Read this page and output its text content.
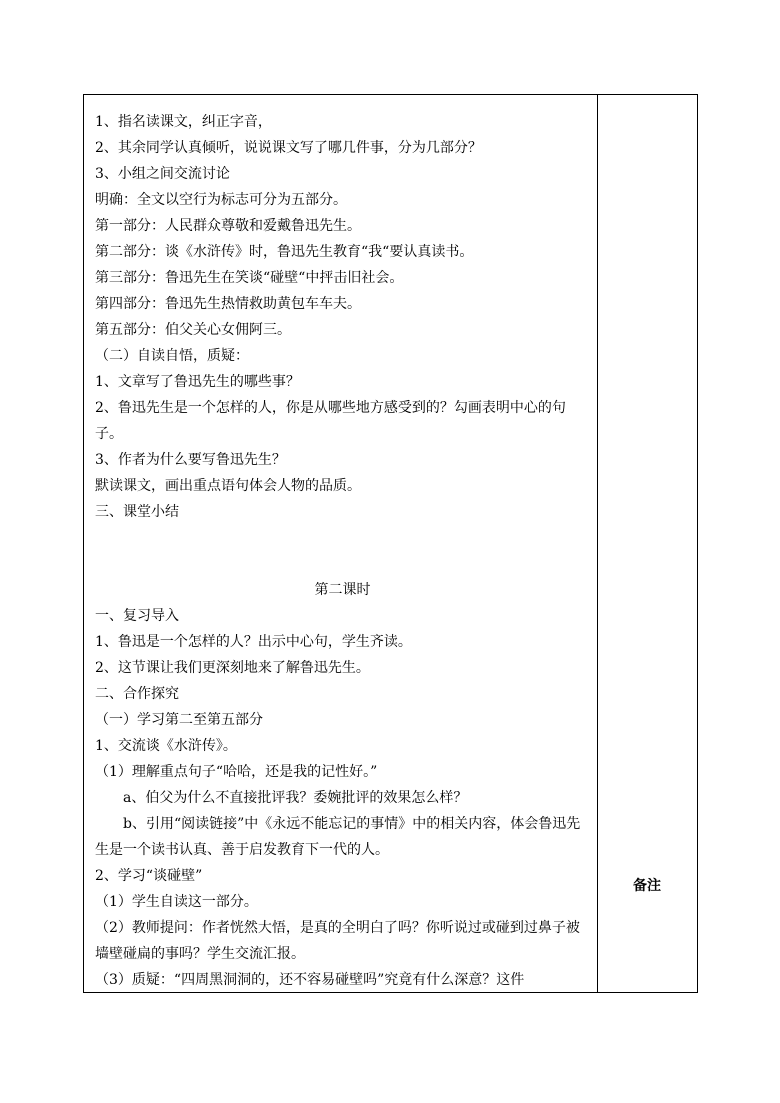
1、指名读课文，纠正字音，
2、其余同学认真倾听，说说课文写了哪几件事，分为几部分？
3、小组之间交流讨论
明确：全文以空行为标志可分为五部分。
第一部分：人民群众尊敬和爱戴鲁迅先生。
第二部分：谈《水浒传》时，鲁迅先生教育“我“要认真读书。
第三部分：鲁迅先生在笑谈“碰壁“中抨击旧社会。
第四部分：鲁迅先生热情救助黄包车车夫。
第五部分：伯父关心女佣阿三。
（二）自读自悟，质疑：
1、文章写了鲁迅先生的哪些事？
2、鲁迅先生是一个怎样的人，你是从哪些地方感受到的？勾画表明中心的句子。
3、作者为什么要写鲁迅先生？
默读课文，画出重点语句体会人物的品质。
三、课堂小结
第二课时
一、复习导入
1、鲁迅是一个怎样的人？出示中心句，学生齐读。
2、这节课让我们更深刻地来了解鲁迅先生。
二、合作探究
（一）学习第二至第五部分
1、交流谈《水浒传》。
（1）理解重点句子“哈哈，还是我的记性好。”
a、伯父为什么不直接批评我？委婉批评的效果怎么样？
b、引用“阅读链接”中《永远不能忘记的事情》中的相关内容，体会鲁迅先生是一个读书认真、善于启发教育下一代的人。
2、学习“谈碰壁”
（1）学生自读这一部分。
（2）教师提问：作者恍然大悟，是真的全明白了吗？你听说过或碰到过鼻子被墙壁碰扁的事吗？学生交流汇报。
（3）质疑：“四周黑洞洞的，还不容易碰壁吗”究竟有什么深意？这件
备注
